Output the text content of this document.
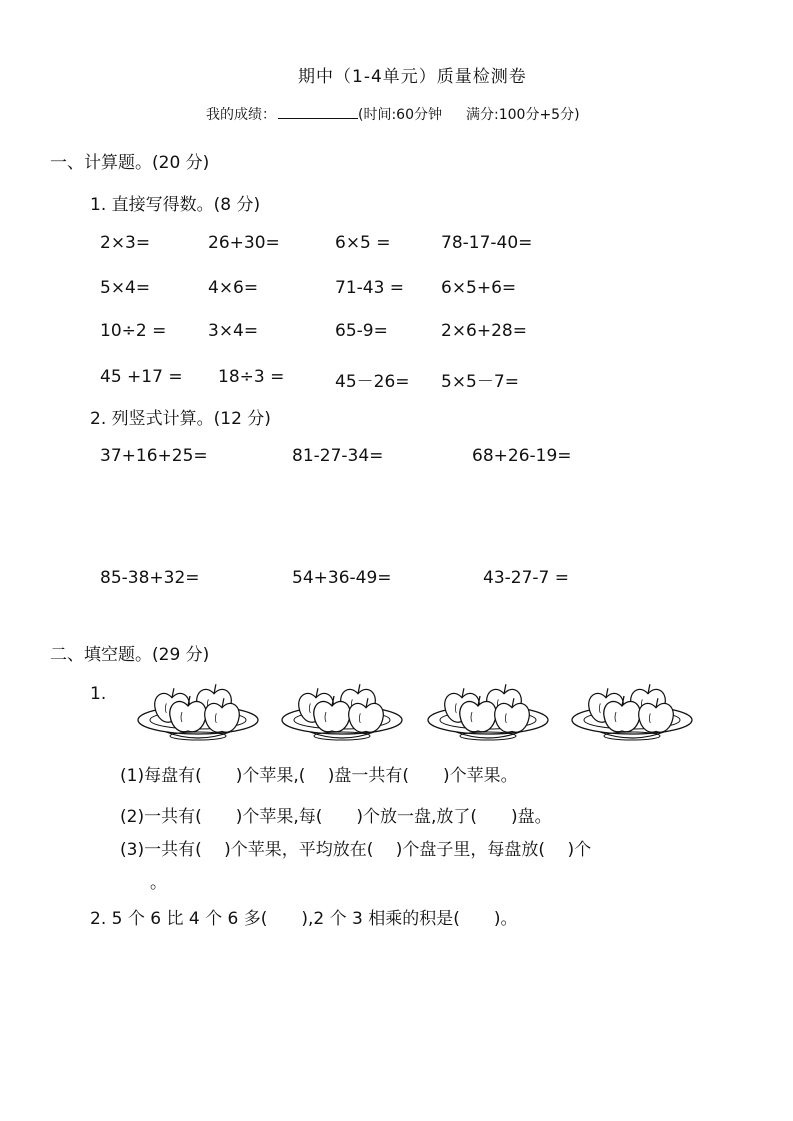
期中（1-4单元）质量检测卷
我的成绩：	(时间:60分钟 满分:100分+5分)
一、计算题。(20 分)
1. 直接写得数。(8 分)
2×3=	26+30=	6×5 =	78-17-40=
5×4=	4×6=	71-43 = 6×5+6=
10÷2 = 3×4=	65-9=	2×6+28=
45 +17 = 18÷3 =	45－26= 5×5－7=
2. 列竖式计算。(12 分)
37+16+25=	81-27-34=	68+26-19=
85-38+32=	54+36-49=	43-27-7 =
二、填空题。(29 分)
1.
(1)每盘有(　　)个苹果,(　 )盘一共有(　　)个苹果。
(2)一共有(　　)个苹果,每(　　)个放一盘,放了(　　)盘。
(3)一共有(　 )个苹果，平均放在(　 )个盘子里，每盘放(　 )个
。
2. 5 个 6 比 4 个 6 多(　　),2 个 3 相乘的积是(　　)。
